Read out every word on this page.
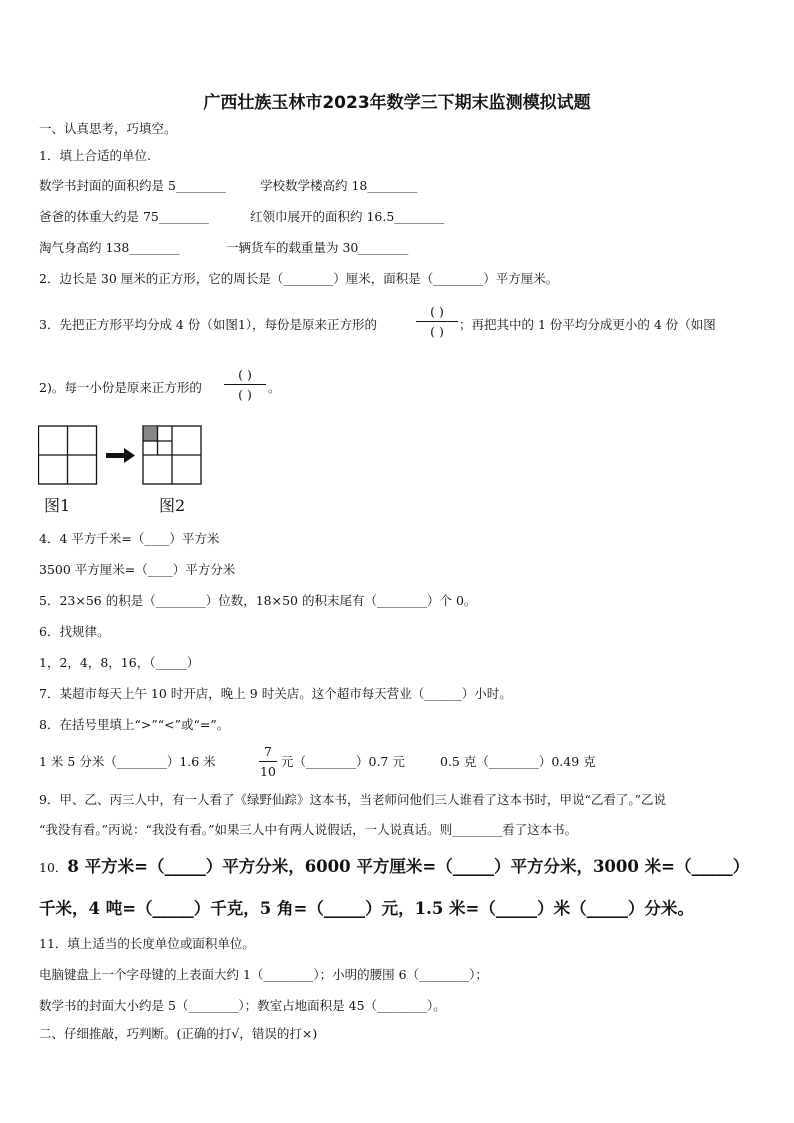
广西壮族玉林市2023年数学三下期末监测模拟试题
一、认真思考，巧填空。
1．填上合适的单位.
数学书封面的面积约是 5________	学校数学楼高约 18________
爸爸的体重大约是 75________	红领巾展开的面积约 16.5________
淘气身高约 138________	一辆货车的载重量为 30________
2．边长是 30 厘米的正方形，它的周长是（________）厘米，面积是（________）平方厘米。
3．先把正方形平均分成 4 份（如图1），每份是原来正方形的
( )
( ) ；再把其中的 1 份平均分成更小的 4 份（如图
2)。每一小份是原来正方形的
( )
( ) 。
图1	图2
4．4 平方千米=（____）平方米
3500 平方厘米=（____）平方分米
5．23×56 的积是（________）位数，18×50 的积末尾有（________）个 0。
6．找规律。
1，2，4，8，16，（_____）
7．某超市每天上午 10 时开店，晚上 9 时关店。这个超市每天营业（______）小时。
8．在括号里填上“>”“<”或“=”。
1 米 5 分米（________）1.6 米
7
10
元（________）0.7 元	0.5 克（________）0.49 克
9．甲、乙、丙三人中，有一人看了《绿野仙踪》这本书，当老师问他们三人谁看了这本书时，甲说“乙看了。”乙说
“我没有看。”丙说：“我没有看。”如果三人中有两人说假话，一人说真话。则________看了这本书。
10．8 平方米=（_____）平方分米，6000 平方厘米=（_____）平方分米，3000 米=（_____）
千米，4 吨=（_____）千克，5 角=（_____）元，1.5 米=（_____）米（_____）分米。
11．填上适当的长度单位或面积单位。
电脑键盘上一个字母键的上表面大约 1（________）；小明的腰围 6（________）；
数学书的封面大小约是 5（________）；教室占地面积是 45（________）。
二、仔细推敲，巧判断。(正确的打√，错误的打×)
